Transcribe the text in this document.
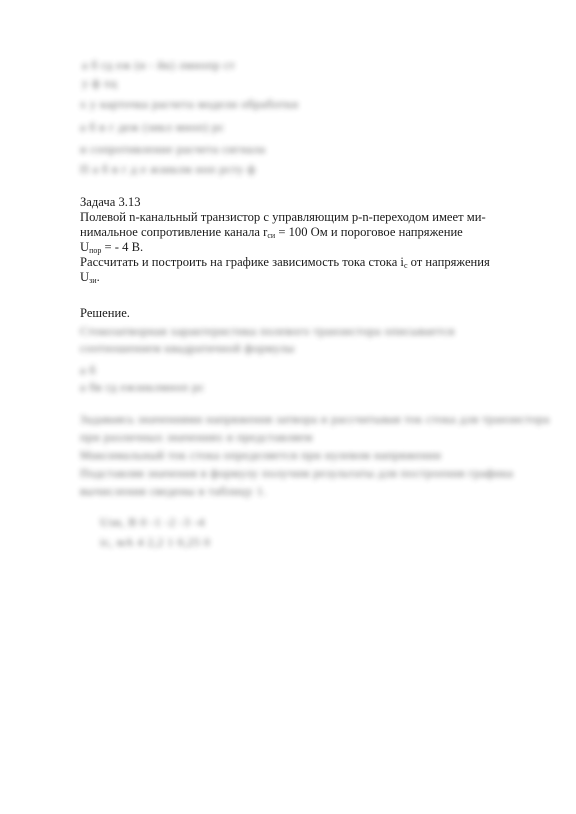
а б гд еж (и - йк) лмнопр ст
у ф хц
х у карточка расчета модели обработки
а б в г деж (зикл мноп) рс
и сопротивление расчета сигнала
П а б в г д е жзиклм ноп рсту ф
Задача 3.13
Полевой n-канальный транзистор с управляющим p-n-переходом имеет ми-
нимальное сопротивление канала $r_{си} = 100$ Ом и пороговое напряжение
$U_{пор}$ = - 4 В.
Рассчитать и построить на графике зависимость тока стока $i_с$ от напряжения
$U_{зи}$.
Решение.
Стокозатворная характеристика полевого транзистора описывается
соотношением квадратичной формулы
а б
а бв гд ежзиклмноп рс
Задаваясь значениями напряжения затвора и рассчитывая ток стока для транзистора
при различных значениях и представляем
Максимальный ток стока определяется при нулевом напряжении
Подставляя значения в формулу получим результаты для построения графика
вычисления сведены в таблицу 1.
Uзи, В 0 -1 -2 -3 -4
iс, мА 4 2,2 1 0,25 0
